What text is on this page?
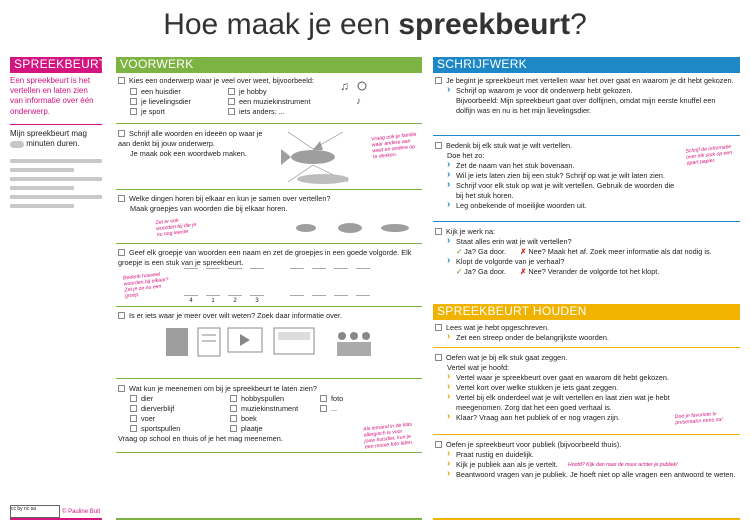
Hoe maak je een spreekbeurt?
SPREEKBEURT
Een spreekbeurt is het vertellen en laten zien van informatie over één onderwerp.
Mijn spreekbeurt mag
minuten duren.
VOORWERK
Kies een onderwerp waar je veel over weet, bijvoorbeeld:
een huisdier
je lievelingsdier
je sport
je hobby
een muziekinstrument
iets anders: ...
♫
♪
Schrijf alle woorden en ideeën op waar je aan denkt bij jouw onderwerp.
Je maak ook een woordweb maken.
Vraag ook je familie waar andere aan weet en andere op te denken.
Welke dingen horen bij elkaar en kun je samen over vertellen?
Maak groepjes van woorden die bij elkaar horen.
Zet er ook woorden bij die je nu nog leerde
Geef elk groepje van woorden een naam en zet de groepjes in een goede volgorde. Elk groepje is een stuk van je spreekbeurt.
Bedenk hoeveel woorden bij elkaar? Zet je ze nu een groep.
4	1	2	3
Is er iets waar je meer over wilt weten? Zoek daar informatie over.
Wat kun je meenemen om bij je spreekbeurt te laten zien?
dier
dierverblijf
voer
sportspullen
hobbyspullen
muziekinstrument
boek
plaatje
foto
...
Vraag op school en thuis of je het mag meenemen.
Als iemand in de klas allergisch is voor jouw huisdier, kun je een mooie foto laten.
SCHRIJFWERK
Je begint je spreekbeurt met vertellen waar het over gaat en waarom je dit hebt gekozen.
› Schrijf op waarom je voor dit onderwerp hebt gekozen.
Bijvoorbeeld: Mijn spreekbeurt gaat over dolfijnen, omdat mijn eerste knuffel een dolfijn was en nu is het mijn lievelingsdier.
Bedenk bij elk stuk wat je wilt vertellen.
Doe het zo:
› Zet de naam van het stuk bovenaan.
› Wil je iets laten zien bij een stuk? Schrijf op wat je wilt laten zien.
› Schrijf voor elk stuk op wat je wilt vertellen. Gebruik de woorden die bij het stuk horen.
› Leg onbekende of moeilijke woorden uit.
Schrijf de informatie over elk stuk op een apart papier.
Kijk je werk na:
› Staat alles erin wat je wilt vertellen?
✓ Ja? Ga door. ✗ Nee? Maak het af. Zoek meer informatie als dat nodig is.
› Klopt de volgorde van je verhaal?
✓ Ja? Ga door. ✗ Nee? Verander de volgorde tot het klopt.
SPREEKBEURT HOUDEN
Lees wat je hebt opgeschreven.
› Zet een streep onder de belangrijkste woorden.
Oefen wat je bij elk stuk gaat zeggen.
Vertel wat je hoofd:
› Vertel waar je spreekbeurt over gaat en waarom dit hebt gekozen.
› Vertel kort over welke stukken je iets gaat zeggen.
› Vertel bij elk onderdeel wat je wilt vertellen en laat zien wat je hebt meegenomen. Zorg dat het een goed verhaal is.
› Klaar? Vraag aan het publiek of er nog vragen zijn.	Doe je favoriete tv presentator eens na!
Oefen je spreekbeurt voor publiek (bijvoorbeeld thuis).
› Praat rustig en duidelijk.
› Kijk je publiek aan als je vertelt.
› Beantwoord vragen van je publiek. Je hoeft niet op alle vragen een antwoord te weten.
Hoofd? Kijk dan naar de muur achter je publiek!
cc by nc sa	© Pauline Bult
